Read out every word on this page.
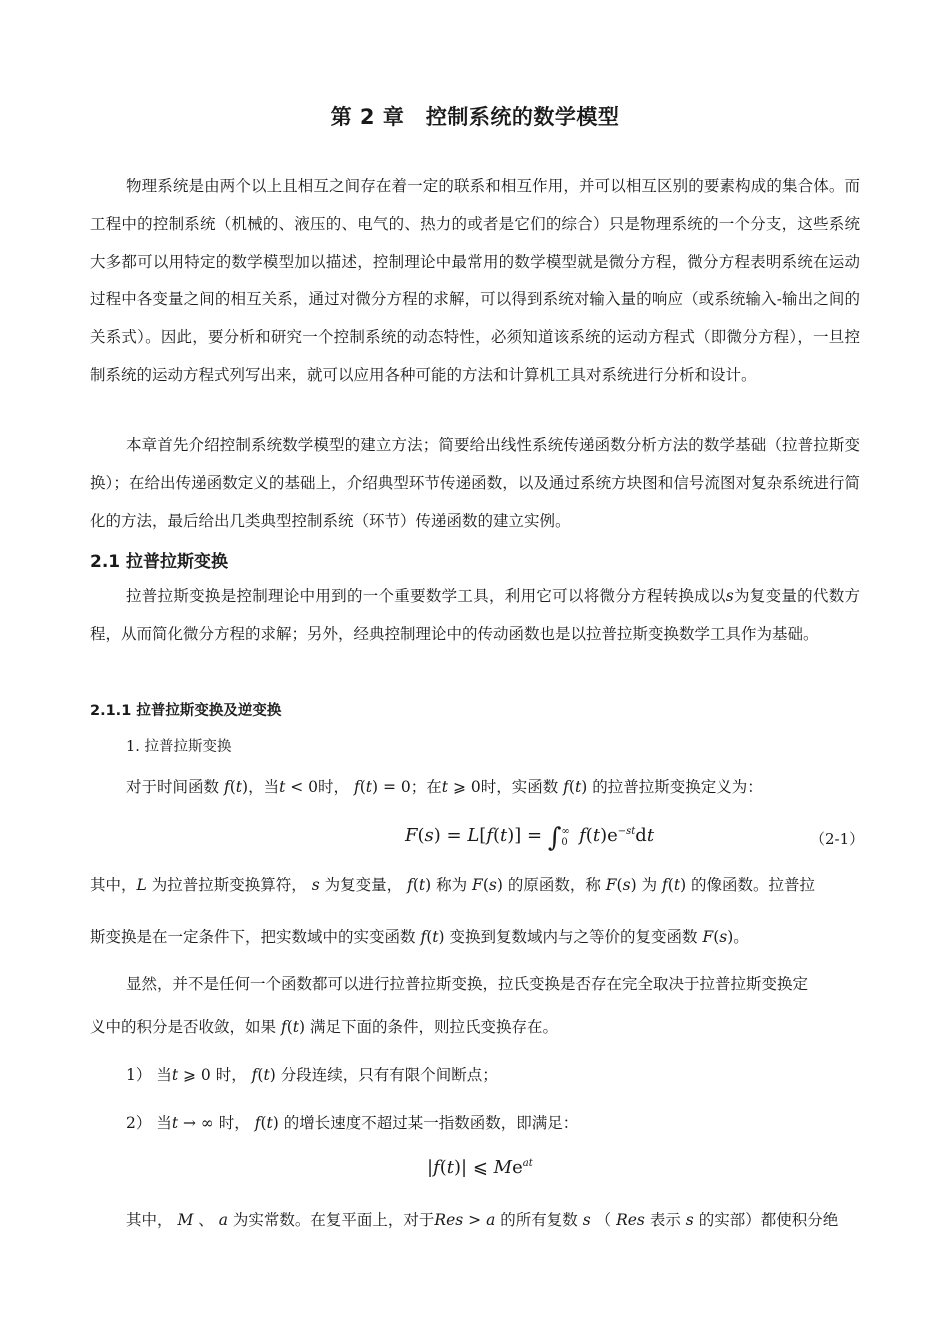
第 2 章　控制系统的数学模型

物理系统是由两个以上且相互之间存在着一定的联系和相互作用，并可以相互区别的要素构成的集合体。而工程中的控制系统（机械的、液压的、电气的、热力的或者是它们的综合）只是物理系统的一个分支，这些系统大多都可以用特定的数学模型加以描述，控制理论中最常用的数学模型就是微分方程，微分方程表明系统在运动过程中各变量之间的相互关系，通过对微分方程的求解，可以得到系统对输入量的响应（或系统输入-输出之间的关系式）。因此，要分析和研究一个控制系统的动态特性，必须知道该系统的运动方程式（即微分方程），一旦控制系统的运动方程式列写出来，就可以应用各种可能的方法和计算机工具对系统进行分析和设计。

本章首先介绍控制系统数学模型的建立方法；简要给出线性系统传递函数分析方法的数学基础（拉普拉斯变换）；在给出传递函数定义的基础上，介绍典型环节传递函数，以及通过系统方块图和信号流图对复杂系统进行简化的方法，最后给出几类典型控制系统（环节）传递函数的建立实例。

2.1 拉普拉斯变换

拉普拉斯变换是控制理论中用到的一个重要数学工具，利用它可以将微分方程转换成以s为复变量的代数方程，从而简化微分方程的求解；另外，经典控制理论中的传动函数也是以拉普拉斯变换数学工具作为基础。

2.1.1 拉普拉斯变换及逆变换

1. 拉普拉斯变换

对于时间函数 f(t)，当t < 0时， f(t) = 0；在t ⩾ 0时，实函数 f(t) 的拉普拉斯变换定义为：

F(s) = L[f(t)] = ∫ ∞
0 $f(t)e^{-st}dt$	（2-1）

其中，L 为拉普拉斯变换算符， s 为复变量， f(t) 称为 F(s) 的原函数，称 F(s) 为 f(t) 的像函数。拉普拉

斯变换是在一定条件下，把实数域中的实变函数 f(t) 变换到复数域内与之等价的复变函数 F(s)。

显然，并不是任何一个函数都可以进行拉普拉斯变换，拉氏变换是否存在完全取决于拉普拉斯变换定

义中的积分是否收敛，如果 f(t) 满足下面的条件，则拉氏变换存在。

1） 当t ⩾ 0 时， f(t) 分段连续，只有有限个间断点；

2） 当t → ∞ 时， f(t) 的增长速度不超过某一指数函数，即满足：

|f(t)| ⩽ $Me^{at}$

其中， M 、 a 为实常数。在复平面上，对于Res > a 的所有复数 s （ Res 表示 s 的实部）都使积分绝
